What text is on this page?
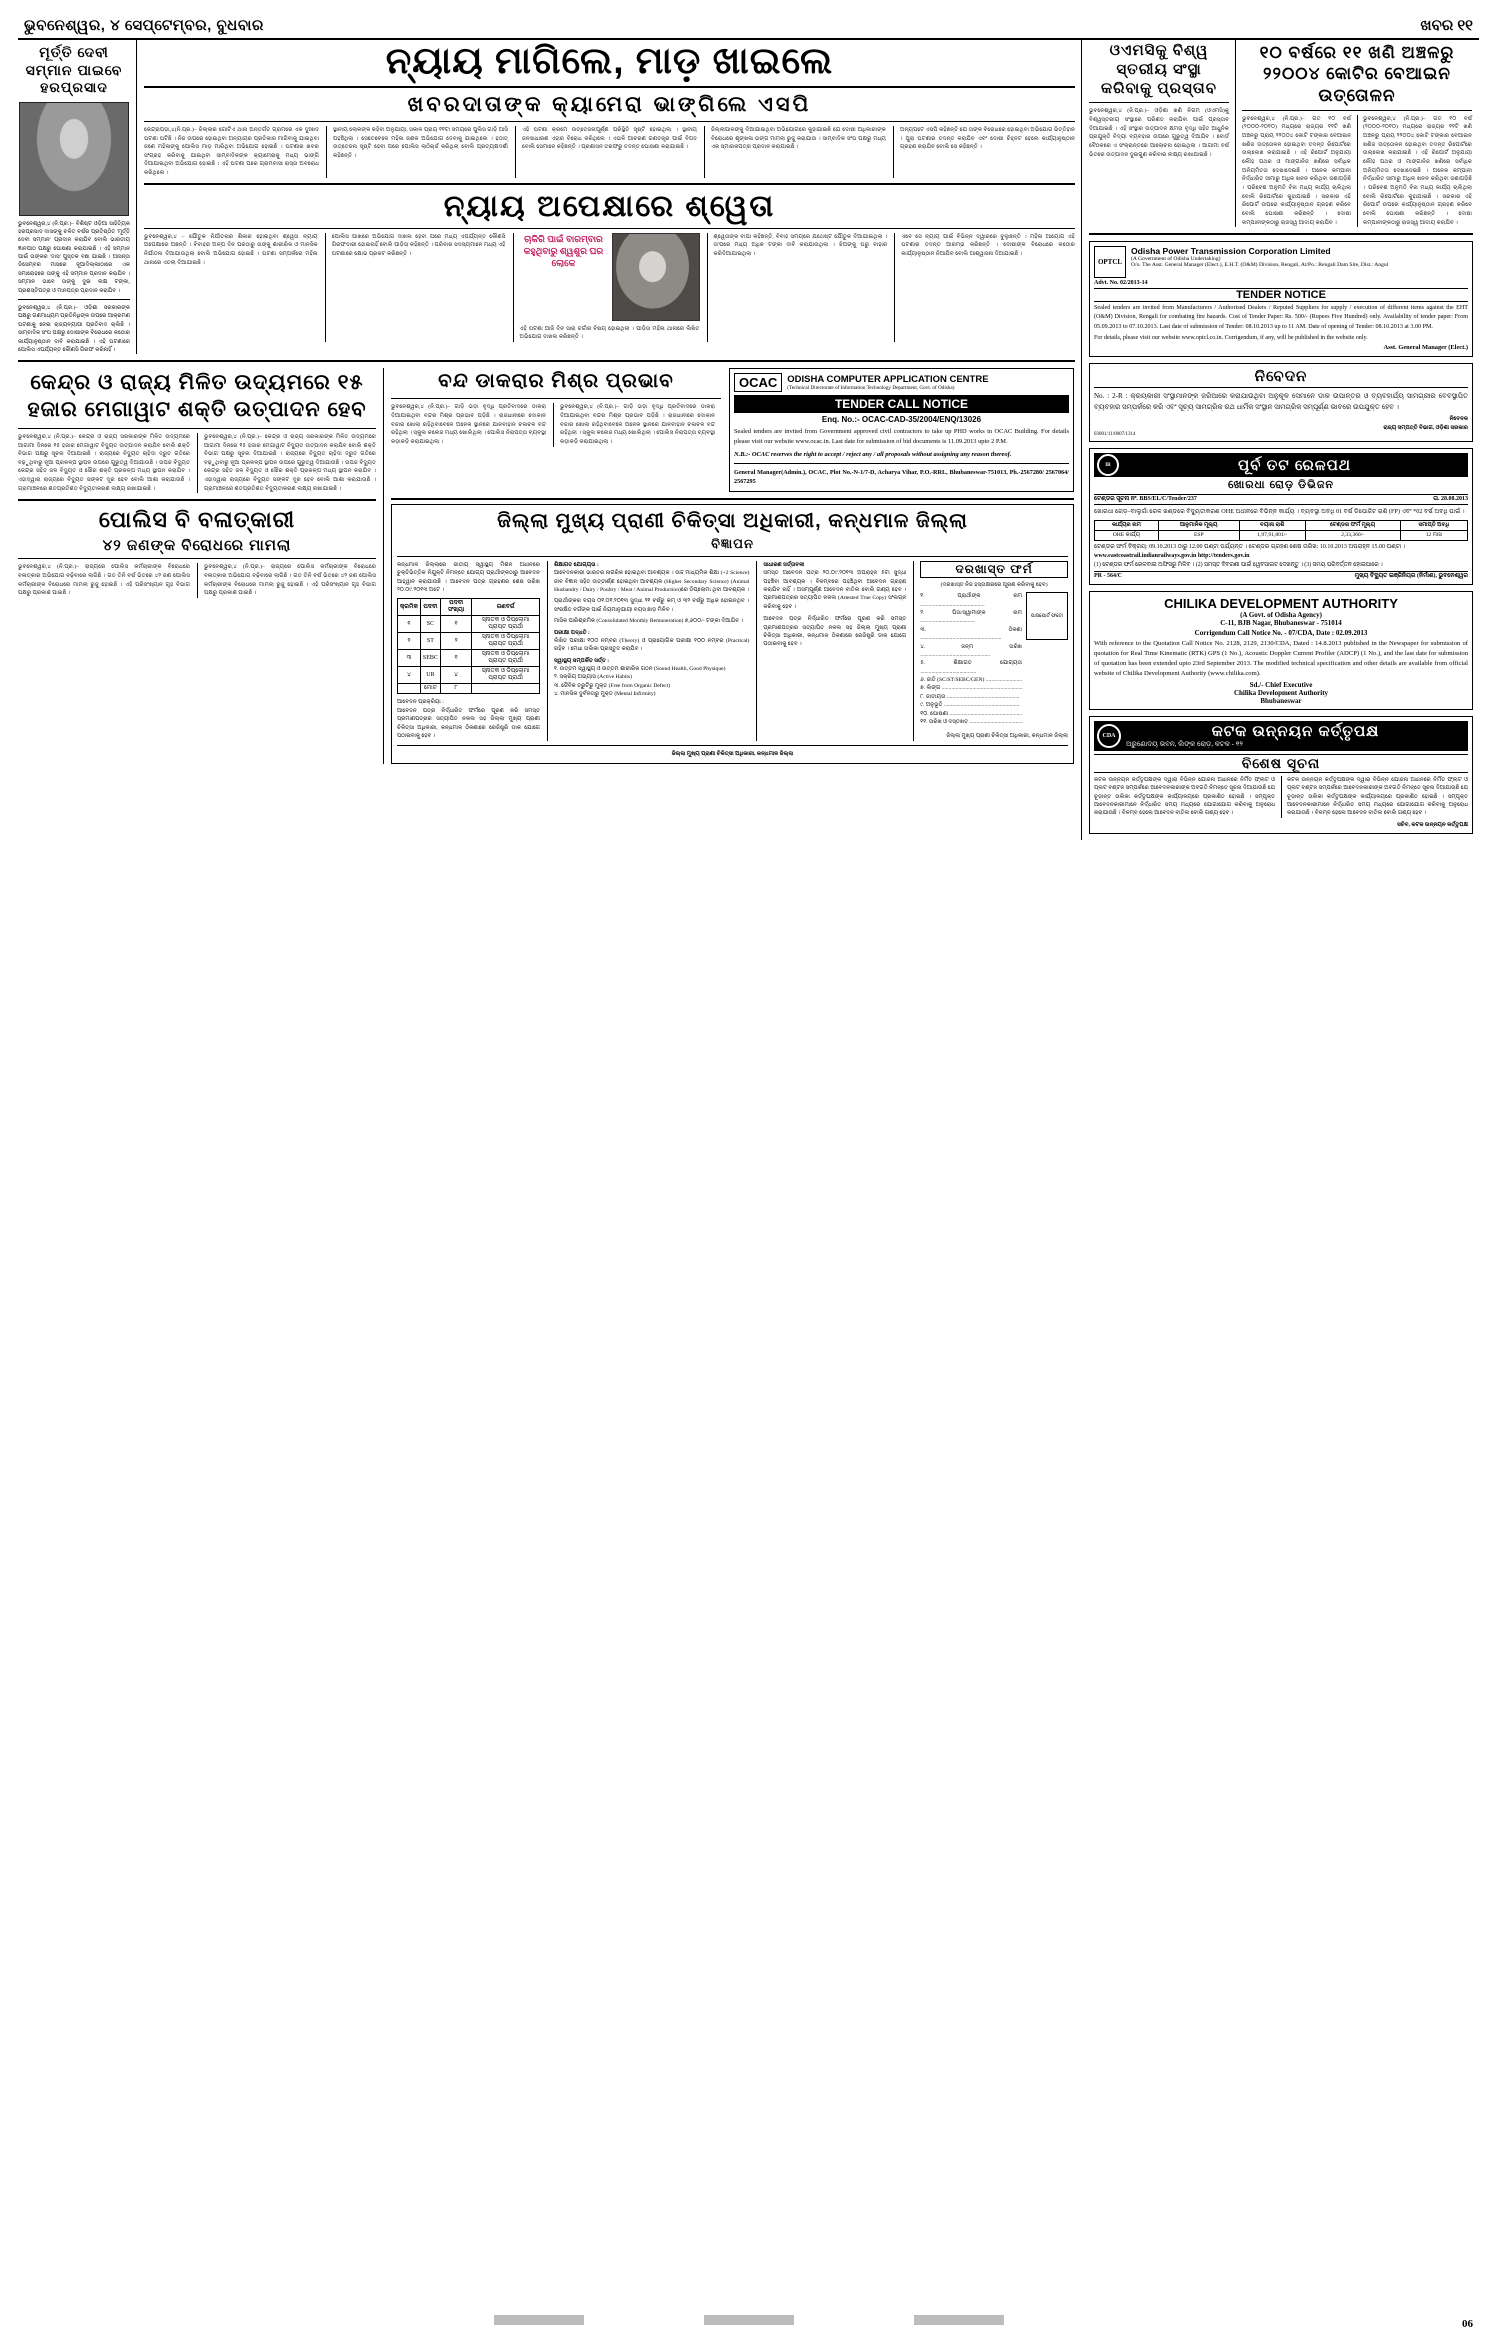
ଭୁବନେଶ୍ୱର, ୪ ସେପ୍ଟେମ୍ବର, ବୁଧବାର	ଖବର ୧୧
ମୂର୍ତ୍ତି ଦେବୀ ସମ୍ମାନ ପାଇବେ ହରପ୍ରସାଦ
ଭୁବନେଶ୍ୱର,୪ (ନି.ପ୍ର.)– ବିଶିଷ୍ଟ ଓଡ଼ିଆ ସାହିତ୍ୟିକ ହରପ୍ରସାଦ ଦାସଙ୍କୁ ଚଳିତ ବର୍ଷର ପ୍ରତିଷ୍ଠିତ 'ମୂର୍ତ୍ତି ଦେବୀ ସମ୍ମାନ' ପ୍ରଦାନ କରାଯିବ ବୋଲି ଭାରତୀୟ ଜ୍ଞାନପୀଠ ପକ୍ଷରୁ ଘୋଷଣା କରାଯାଇଛି । ଏହି ସମ୍ମାନ ପାଇଁ ତାଙ୍କର 'ଦାସ' ପୁସ୍ତକ ବଛା ଯାଇଛି । ଆସନ୍ତା ଡିସେମ୍ବର ମାସରେ ନୂଆଦିଲ୍ଲୀଠାରେ ଏକ ସମାରୋହରେ ତାଙ୍କୁ ଏହି ସମ୍ମାନ ପ୍ରଦାନ କରାଯିବ । ସମ୍ମାନ ଭାବେ ତାଙ୍କୁ ଦୁଇ ଲକ୍ଷ ଟଙ୍କା, ପ୍ରଶସ୍ତିପତ୍ର ଓ ମାନପତ୍ର ପ୍ରଦାନ କରାଯିବ ।
ଭୁବନେଶ୍ୱର,୪ (ନି.ପ୍ର.)– ଓଡ଼ିଶା ସରକାରଙ୍କ ପକ୍ଷରୁ ଗଣମାଧ୍ୟମ ପ୍ରତିନିଧିଙ୍କ ଉପରେ ଆକ୍ରମଣ ଘଟଣାକୁ ନେଇ ରାଜ୍ୟବ୍ୟାପୀ ପ୍ରତିବାଦ ଚାଲିଛି । ସାମ୍ବାଦିକ ସଂଘ ପକ୍ଷରୁ ଦୋଷୀଙ୍କ ବିରୋଧରେ କଠୋର କାର୍ଯ୍ୟାନୁଷ୍ଠାନ ଦାବି କରାଯାଇଛି । ଏହି ଘଟଣାରେ ପୋଲିସ ଏପର୍ଯ୍ୟନ୍ତ କୌଣସି ଗିରଫ କରିନାହିଁ ।
ନ୍ୟାୟ ମାଗିଲେ, ମାଡ଼ ଖାଇଲେ
ଖବରଦାତାଙ୍କ କ୍ୟାମେରା ଭାଙ୍ଗିଲେ ଏସପି
କେନ୍ଦ୍ରାପଡ଼ା,୪(ନି.ପ୍ର.)– ଜିଲ୍ଲାର ଗୋଟିଏ ଥାନା ଅନ୍ତର୍ଗତ ଗ୍ରାମରେ ଏକ ଦୁଃଖଦ ଘଟଣା ଘଟିଛି । ନିଜ ଉପରେ ହୋଇଥିବା ଅନ୍ୟାୟର ପ୍ରତିକାର ମାଗିବାକୁ ଯାଇଥିବା ଜଣେ ମହିଳାଙ୍କୁ ପୋଲିସ ମାଡ଼ ମାରିଥିବା ଅଭିଯୋଗ ହୋଇଛି । ଘଟଣାର ଖବର ସଂଗ୍ରହ କରିବାକୁ ଯାଇଥିବା ସାମ୍ବାଦିକଙ୍କ କ୍ୟାମେରାକୁ ମଧ୍ୟ ଭାଙ୍ଗି ଦିଆଯାଇଥିବା ଅଭିଯୋଗ ହୋଇଛି । ଏହି ଘଟଣା ପରେ ଗ୍ରାମବାସୀ ରାସ୍ତା ଅବରୋଧ କରିଥିଲେ ।
ସ୍ଥାନୀୟ ଲୋକଙ୍କ କହିବା ଅନୁଯାୟୀ, ସକାଳ ପ୍ରାୟ ୧୧ଟା ସମୟରେ ପୁଲିସ ଗାଡ଼ି ଆସି ପହଞ୍ଚିଥିଲା । ସେତେବେଳେ ମହିଳା ଜଣକ ଅଭିଯୋଗ ଦେବାକୁ ଯାଇଥିଲେ । ହଠାତ୍ ଉତ୍ତେଜନା ସୃଷ୍ଟି ହେବା ପରେ ପୋଲିସ ଲାଠିଚାର୍ଜ କରିଥିଲା ବୋଲି ପ୍ରତ୍ୟକ୍ଷଦର୍ଶୀ କହିଛନ୍ତି ।
ଏହି ଘଟଣା କ୍ରମେ ଉତ୍ତେଜନାପୂର୍ଣ୍ଣ ପରିସ୍ଥିତି ସୃଷ୍ଟି ହୋଇଥିଲା । ସ୍ଥାନୀୟ ଜନସାଧାରଣ ଏହାର ବିରୋଧ କରିଥିଲେ । ଏଭଳି ଆଚରଣ ଗଣତନ୍ତ୍ର ପାଇଁ ବିପଦ ବୋଲି ସେମାନେ କହିଛନ୍ତି । ପ୍ରଶାସନ ତରଫରୁ ତଦନ୍ତ ଘୋଷଣା କରାଯାଇଛି ।
ଜିଲ୍ଲାପାଳଙ୍କୁ ଦିଆଯାଇଥିବା ଅଭିଯୋଗରେ କୁହାଯାଇଛି ଯେ ଦୋଷୀ ଅଧିକାରୀଙ୍କ ବିରୋଧରେ ଶୃଙ୍ଖଳା ଭଙ୍ଗ ମାମଲା ରୁଜୁ କରାଯାଉ । ସାମ୍ବାଦିକ ସଂଘ ପକ୍ଷରୁ ମଧ୍ୟ ଏକ ସ୍ମାରକପତ୍ର ପ୍ରଦାନ କରାଯାଇଛି ।
ଅନ୍ୟପଟେ ଏସପି କହିଛନ୍ତି ଯେ ତାଙ୍କ ବିରୋଧରେ ହୋଇଥିବା ଅଭିଯୋଗ ଭିତ୍ତିହୀନ । ପୁରା ଘଟଣାର ତଦନ୍ତ କରାଯିବ ଏବଂ ଦୋଷୀ ଚିହ୍ନଟ ହେଲେ କାର୍ଯ୍ୟାନୁଷ୍ଠାନ ଗ୍ରହଣ କରାଯିବ ବୋଲି ସେ କହିଛନ୍ତି ।
ନ୍ୟାୟ ଅପେକ୍ଷାରେ ଶ୍ୱେତା
ଭୁବନେଶ୍ୱର,୪ – ଯୌତୁକ ନିର୍ଯାତନାର ଶିକାର ହୋଇଥିବା ଶ୍ୱେତା ନ୍ୟାୟ ଅପେକ୍ଷାରେ ଅଛନ୍ତି । ବିବାହର ଅଳ୍ପ ଦିନ ପରଠାରୁ ତାଙ୍କୁ ଶାରୀରିକ ଓ ମାନସିକ ନିର୍ଯାତନା ଦିଆଯାଉଥିଲା ବୋଲି ଅଭିଯୋଗ ହୋଇଛି । ଘଟଣା ସମ୍ପର୍କରେ ମହିଳା ଥାନାରେ ଏତଲା ଦିଆଯାଇଛି ।
ପୋଲିସ ପାଖରେ ଅଭିଯୋଗ ଦାଖଲ ହେବା ପରେ ମଧ୍ୟ ଏପର୍ଯ୍ୟନ୍ତ କୌଣସି ଗିରଫଦାରୀ ହୋଇନାହିଁ ବୋଲି ପୀଡ଼ିତା କହିଛନ୍ତି । ପରିବାର ସଦସ୍ୟମାନେ ମଧ୍ୟ ଏହି ଘଟଣାରେ କ୍ଷୋଭ ପ୍ରକଟ କରିଛନ୍ତି ।
ଚାକିରି ପାଇଁ ବାରମ୍ବାର କହୁଥିବାରୁ ଶ୍ୱଶୁର ଘର ଲୋକେ
ଏହି ଘଟଣା ଆଜି ଦିନ ସାରା ଚର୍ଚ୍ଚାର ବିଷୟ ହୋଇଥିଲା । ପୀଡ଼ିତା ମହିଳା ଥାନାରେ ଲିଖିତ ଅଭିଯୋଗ ଦାଖଲ କରିଛନ୍ତି ।
ଶ୍ୱେତାଙ୍କ ବାପା କହିଛନ୍ତି, ବିବାହ ସମୟରେ ଯଥେଷ୍ଟ ଯୌତୁକ ଦିଆଯାଇଥିଲା । ତା'ପରେ ମଧ୍ୟ ଅଧିକ ଟଙ୍କା ଦାବି କରାଯାଉଥିଲା । ଝିଅଙ୍କୁ ଘରୁ ବାହାର କରିଦିଆଯାଇଥିଲା ।
ଏବେ ସେ ନ୍ୟାୟ ପାଇଁ ବିଭିନ୍ନ ଦ୍ୱାରରେ ବୁଲୁଛନ୍ତି । ମହିଳା ଆୟୋଗ ଏହି ଘଟଣାର ତଦନ୍ତ ଆରମ୍ଭ କରିଛନ୍ତି । ଦୋଷୀଙ୍କ ବିରୋଧରେ କଠୋର କାର୍ଯ୍ୟାନୁଷ୍ଠାନ ନିଆଯିବ ବୋଲି ଆଶ୍ୱାସନା ଦିଆଯାଇଛି ।
କେନ୍ଦ୍ର ଓ ରାଜ୍ୟ ମିଳିତ ଉଦ୍ୟମରେ ୧୫ ହଜାର ମେଗାୱାଟ ଶକ୍ତି ଉତ୍ପାଦନ ହେବ
ଭୁବନେଶ୍ୱର,୪ (ନି.ପ୍ର.)– କେନ୍ଦ୍ର ଓ ରାଜ୍ୟ ସରକାରଙ୍କ ମିଳିତ ଉଦ୍ୟମରେ ଆଗାମୀ ଦିନରେ ୧୫ ହଜାର ମେଗାୱାଟ ବିଦ୍ୟୁତ ଉତ୍ପାଦନ କରାଯିବ ବୋଲି ଶକ୍ତି ବିଭାଗ ପକ୍ଷରୁ ସୂଚନା ଦିଆଯାଇଛି । ରାଜ୍ୟରେ ବିଦ୍ୟୁତ ଚାହିଦା ଦ୍ରୁତ ଗତିରେ ବଢ଼ୁଥିବାରୁ ନୂଆ ପ୍ରକଳ୍ପ ସ୍ଥାପନ ଉପରେ ଗୁରୁତ୍ୱ ଦିଆଯାଉଛି । ତାପଜ ବିଦ୍ୟୁତ କେନ୍ଦ୍ର ସହିତ ଜଳ ବିଦ୍ୟୁତ ଓ ସୌର ଶକ୍ତି ପ୍ରକଳ୍ପ ମଧ୍ୟ ସ୍ଥାପନ କରାଯିବ । ଏହାଦ୍ୱାରା ରାଜ୍ୟରେ ବିଦ୍ୟୁତ ସଙ୍କଟ ଦୂର ହେବ ବୋଲି ଆଶା କରାଯାଉଛି । ଗ୍ରାମାଞ୍ଚଳରେ ଶତପ୍ରତିଶତ ବିଦ୍ୟୁତୀକରଣ ଲକ୍ଷ୍ୟ ରଖାଯାଇଛି ।
ଭୁବନେଶ୍ୱର,୪ (ନି.ପ୍ର.)– କେନ୍ଦ୍ର ଓ ରାଜ୍ୟ ସରକାରଙ୍କ ମିଳିତ ଉଦ୍ୟମରେ ଆଗାମୀ ଦିନରେ ୧୫ ହଜାର ମେଗାୱାଟ ବିଦ୍ୟୁତ ଉତ୍ପାଦନ କରାଯିବ ବୋଲି ଶକ୍ତି ବିଭାଗ ପକ୍ଷରୁ ସୂଚନା ଦିଆଯାଇଛି । ରାଜ୍ୟରେ ବିଦ୍ୟୁତ ଚାହିଦା ଦ୍ରୁତ ଗତିରେ ବଢ଼ୁଥିବାରୁ ନୂଆ ପ୍ରକଳ୍ପ ସ୍ଥାପନ ଉପରେ ଗୁରୁତ୍ୱ ଦିଆଯାଉଛି । ତାପଜ ବିଦ୍ୟୁତ କେନ୍ଦ୍ର ସହିତ ଜଳ ବିଦ୍ୟୁତ ଓ ସୌର ଶକ୍ତି ପ୍ରକଳ୍ପ ମଧ୍ୟ ସ୍ଥାପନ କରାଯିବ । ଏହାଦ୍ୱାରା ରାଜ୍ୟରେ ବିଦ୍ୟୁତ ସଙ୍କଟ ଦୂର ହେବ ବୋଲି ଆଶା କରାଯାଉଛି । ଗ୍ରାମାଞ୍ଚଳରେ ଶତପ୍ରତିଶତ ବିଦ୍ୟୁତୀକରଣ ଲକ୍ଷ୍ୟ ରଖାଯାଇଛି ।
ପୋଲିସ ବି ବଳାତ୍କାରୀ
୪୨ ଜଣଙ୍କ ବିରୋଧରେ ମାମଲା
ଭୁବନେଶ୍ୱର,୪ (ନି.ପ୍ର.)– ରାଜ୍ୟରେ ପୋଲିସ କର୍ମଚାରୀଙ୍କ ବିରୋଧରେ ବଳାତ୍କାର ଅଭିଯୋଗ ବଢ଼ିବାରେ ଲାଗିଛି । ଗତ ତିନି ବର୍ଷ ଭିତରେ ୪୨ ଜଣ ପୋଲିସ କର୍ମଚାରୀଙ୍କ ବିରୋଧରେ ମାମଲା ରୁଜୁ ହୋଇଛି । ଏହି ପରିସଂଖ୍ୟାନ ଗୃହ ବିଭାଗ ପକ୍ଷରୁ ପ୍ରକାଶ ପାଇଛି ।
ଭୁବନେଶ୍ୱର,୪ (ନି.ପ୍ର.)– ରାଜ୍ୟରେ ପୋଲିସ କର୍ମଚାରୀଙ୍କ ବିରୋଧରେ ବଳାତ୍କାର ଅଭିଯୋଗ ବଢ଼ିବାରେ ଲାଗିଛି । ଗତ ତିନି ବର୍ଷ ଭିତରେ ୪୨ ଜଣ ପୋଲିସ କର୍ମଚାରୀଙ୍କ ବିରୋଧରେ ମାମଲା ରୁଜୁ ହୋଇଛି । ଏହି ପରିସଂଖ୍ୟାନ ଗୃହ ବିଭାଗ ପକ୍ଷରୁ ପ୍ରକାଶ ପାଇଛି ।
ବନ୍ଦ ଡାକରାର ମିଶ୍ର ପ୍ରଭାବ
ଭୁବନେଶ୍ୱର,୪ (ନି.ପ୍ର.)– ଗାଡ଼ି ଭଡ଼ା ବୃଦ୍ଧି ପ୍ରତିବାଦରେ ଡାକରା ଦିଆଯାଇଥିବା ବନ୍ଦର ମିଶ୍ର ପ୍ରଭାବ ପଡ଼ିଛି । ରାଜଧାନୀରେ ଦୋକାନ ବଜାର ଖୋଲା ରହିଥିବାବେଳେ ଅନେକ ସ୍ଥାନରେ ଯାନବାହାନ ଚଳାଚଳ ବନ୍ଦ ରହିଥିଲା । ସ୍କୁଲ କଲେଜ ମଧ୍ୟ ଖୋଲିଥିଲା । ପୋଲିସ ନିରାପତ୍ତା ବ୍ୟବସ୍ଥା କଡ଼ାକଡ଼ି କରାଯାଇଥିଲା ।
ଭୁବନେଶ୍ୱର,୪ (ନି.ପ୍ର.)– ଗାଡ଼ି ଭଡ଼ା ବୃଦ୍ଧି ପ୍ରତିବାଦରେ ଡାକରା ଦିଆଯାଇଥିବା ବନ୍ଦର ମିଶ୍ର ପ୍ରଭାବ ପଡ଼ିଛି । ରାଜଧାନୀରେ ଦୋକାନ ବଜାର ଖୋଲା ରହିଥିବାବେଳେ ଅନେକ ସ୍ଥାନରେ ଯାନବାହାନ ଚଳାଚଳ ବନ୍ଦ ରହିଥିଲା । ସ୍କୁଲ କଲେଜ ମଧ୍ୟ ଖୋଲିଥିଲା । ପୋଲିସ ନିରାପତ୍ତା ବ୍ୟବସ୍ଥା କଡ଼ାକଡ଼ି କରାଯାଇଥିଲା ।
OCAC	ODISHA COMPUTER APPLICATION CENTRE
(Technical Directorate of Information Technology Department, Govt. of Odisha)
TENDER CALL NOTICE
Enq. No.:- OCAC-CAD-35/2004/ENQ/13026
Sealed tenders are invited from Government approved civil contractors to take up PHD works in OCAC Building. For details please visit our website www.ocac.in. Last date for submission of bid documents is 11.09.2013 upto 2 P.M.
N.B.:- OCAC reserves the right to accept / reject any / all proposals without assigning any reason thereof.
General Manager(Admin.), OCAC, Plot No.-N-1/7-D, Acharya Vihar, P.O.-RRL, Bhubaneswar-751013, Ph.-2567280/ 2567064/ 2567295
ଜିଲ୍ଲା ମୁଖ୍ୟ ପ୍ରାଣୀ ଚିକିତ୍ସା ଅଧିକାରୀ, କନ୍ଧମାଳ ଜିଲ୍ଲା
ବିଜ୍ଞାପନ
କନ୍ଧମାଳ ଜିଲ୍ଲାରେ ଜାତୀୟ ସ୍ୱାସ୍ଥ୍ୟ ମିଶନ ଅଧୀନରେ ଚୁକ୍ତିଭିତ୍ତିକ ନିଯୁକ୍ତି ନିମନ୍ତେ ଯୋଗ୍ୟ ପ୍ରାର୍ଥୀଙ୍କଠାରୁ ଆବେଦନ ଆହ୍ୱାନ କରାଯାଉଛି । ଆବେଦନ ପତ୍ର ଗ୍ରହଣର ଶେଷ ତାରିଖ ୨୦.୦୯.୨୦୧୩ ଅଟେ ।
କ୍ରମିକ	ପଦବୀ	ପଦବୀ ସଂଖ୍ୟା	ଗଣବର୍ଗ
୧	SC	୧	ସ୍ନାତକ ଓ ଡିପ୍ଲୋମା ପ୍ରାପ୍ତ ପ୍ରାର୍ଥୀ
୨	ST	୨	ସ୍ନାତକ ଓ ଡିପ୍ଲୋମା ପ୍ରାପ୍ତ ପ୍ରାର୍ଥୀ
୩	SEBC	୧	ସ୍ନାତକ ଓ ଡିପ୍ଲୋମା ପ୍ରାପ୍ତ ପ୍ରାର୍ଥୀ
୪	UR	୪	ସ୍ନାତକ ଓ ଡିପ୍ଲୋମା ପ୍ରାପ୍ତ ପ୍ରାର୍ଥୀ
	ମୋଟ	୮	
ଆବେଦନ ପ୍ରକ୍ରିୟା :
ଆବେଦନ ପତ୍ର ନିର୍ଦ୍ଧାରିତ ଫର୍ମରେ ପୂରଣ କରି ସମସ୍ତ ପ୍ରମାଣପତ୍ରର ସତ୍ୟାପିତ ନକଲ ସହ ଜିଲ୍ଲା ମୁଖ୍ୟ ପ୍ରାଣୀ ଚିକିତ୍ସା ଅଧିକାରୀ, କନ୍ଧମାଳ ଠିକଣାରେ ରେଜିଷ୍ଟ୍ରି ଡାକ ଯୋଗେ ପଠାଇବାକୁ ହେବ ।
ଶିକ୍ଷାଗତ ଯୋଗ୍ୟତା :
ଆବେଦନକାରୀ ଭାରତର ନାଗରିକ ହୋଇଥିବା ଆବଶ୍ୟକ । ଉଚ୍ଚ ମାଧ୍ୟମିକ ଶିକ୍ଷା (+2 Science) ଜୀବ ବିଜ୍ଞାନ ସହିତ ଉତ୍ତୀର୍ଣ୍ଣ ହୋଇଥିବା ଆବଶ୍ୟକ (Higher Secondary Science) (Animal Husbandry / Dairy / Poultry / Meat / Animal Production)ରେ ଡିପ୍ଲୋମା ଥିବା ଆବଶ୍ୟକ ।
ପ୍ରାର୍ଥୀଙ୍କର ବୟସ ୦୧.୦୧.୨୦୧୩ ସୁଦ୍ଧା ୨୧ ବର୍ଷରୁ କମ୍ ଓ ୩୨ ବର୍ଷରୁ ଅଧିକ ହୋଇନଥିବ । ସଂରକ୍ଷିତ ବର୍ଗଙ୍କ ପାଇଁ ନିୟମାନୁଯାୟୀ ବୟସ ଛାଡ଼ ମିଳିବ ।
ମାସିକ ପାରିଶ୍ରମିକ (Consolidated Monthly Remuneration) ୭,୬୦୦/- ଟଙ୍କା ଦିଆଯିବ ।
ପରୀକ୍ଷା ପଦ୍ଧତି :
ଲିଖିତ ପରୀକ୍ଷା ୧୦୦ ନମ୍ବର (Theory) ଓ ପ୍ରାୟୋଗିକ ପରୀକ୍ଷା ୧୦୦ ନମ୍ବର (Practical) ରହିବ । ମେଧା ତାଲିକା ପ୍ରସ୍ତୁତ କରାଯିବ ।
ସ୍ୱାସ୍ଥ୍ୟ ସମ୍ପର୍କିତ ସର୍ତ୍ତ :
୧. ଉତ୍ତମ ସ୍ୱାସ୍ଥ୍ୟ ଓ ଉତ୍ତମ ଶାରୀରିକ ଗଠନ (Sound Health, Good Physique)
୨. ସକ୍ରିୟ ଅଭ୍ୟାସ (Active Habits)
୩. ଜୈବିକ ତ୍ରୁଟିରୁ ମୁକ୍ତ (Free from Organic Defect)
୪. ମାନସିକ ଦୁର୍ବଳତାରୁ ମୁକ୍ତ (Mental Infirmity)
ସାଧାରଣ ସର୍ତ୍ତାବଳୀ
ସମସ୍ତ ଆବେଦନ ପତ୍ର ୨୦.୦୯.୨୦୧୩ ଅପରାହ୍ନ ୫ଟା ସୁଦ୍ଧା ପହଞ୍ଚିବା ଆବଶ୍ୟକ । ବିଳମ୍ବରେ ପହଞ୍ଚିଥିବା ଆବେଦନ ଗ୍ରହଣ କରାଯିବ ନାହିଁ । ଅସମ୍ପୂର୍ଣ୍ଣ ଆବେଦନ ବାତିଲ ବୋଲି ଗଣ୍ୟ ହେବ । ପ୍ରମାଣପତ୍ରର ସତ୍ୟାପିତ ନକଲ (Attested True Copy) ସଂଲଗ୍ନ କରିବାକୁ ହେବ ।
ଆବେଦନ ପତ୍ର ନିର୍ଦ୍ଧାରିତ ଫର୍ମରେ ପୂରଣ କରି ସମସ୍ତ ପ୍ରମାଣପତ୍ରର ସତ୍ୟାପିତ ନକଲ ସହ ଜିଲ୍ଲା ମୁଖ୍ୟ ପ୍ରାଣୀ ଚିକିତ୍ସା ଅଧିକାରୀ, କନ୍ଧମାଳ ଠିକଣାରେ ରେଜିଷ୍ଟ୍ରି ଡାକ ଯୋଗେ ପଠାଇବାକୁ ହେବ ।
ଦରଖାସ୍ତ ଫର୍ମ
(ଦରଖାସ୍ତ ନିଜ ହସ୍ତାକ୍ଷରରେ ପୂରଣ କରିବାକୁ ହେବ)
୧. ପ୍ରାର୍ଥୀଙ୍କ ନାମ ..............................................
୨. ପିତା/ସ୍ୱାମୀଙ୍କ ନାମ .......................................
୩. ଠିକଣା ..........................................................
୪. ଜନ୍ମ ତାରିଖ ..................................................
୫. ଶିକ୍ଷାଗତ ଯୋଗ୍ୟତା ........................................
ପାସପୋର୍ଟ ଫଟୋ
୬. ଜାତି (SC/ST/SEBC/GEN) ..........................
୭. ଲିଙ୍ଗ ..........................................................
୮. ଜାତୀୟତା ....................................................
୯. ଅନୁଭୂତି ......................................................
୧୦. ଘୋଷଣା ....................................................
୧୧. ତାରିଖ ଓ ଦସ୍ତଖତ ......................................
ଜିଲ୍ଲା ମୁଖ୍ୟ ପ୍ରାଣୀ ଚିକିତ୍ସା ଅଧିକାରୀ, କନ୍ଧମାଳ ଜିଲ୍ଲା
ଜିଲ୍ଲା ମୁଖ୍ୟ ପ୍ରାଣୀ ଚିକିତ୍ସା ଅଧିକାରୀ, କନ୍ଧମାଳ ଜିଲ୍ଲା
ଓଏମସିକୁ ବିଶ୍ୱ ସ୍ତରୀୟ ସଂସ୍ଥା କରିବାକୁ ପ୍ରସ୍ତାବ
ଭୁବନେଶ୍ୱର,୪ (ନି.ପ୍ର.)– ଓଡ଼ିଶା ଖଣି ନିଗମ (ଓଏମସି)କୁ ବିଶ୍ୱସ୍ତରୀୟ ସଂସ୍ଥାରେ ପରିଣତ କରାଯିବା ପାଇଁ ପ୍ରସ୍ତାବ ଦିଆଯାଇଛି । ଏହି ସଂସ୍ଥାର ଉତ୍ପାଦନ କ୍ଷମତା ବୃଦ୍ଧି ସହିତ ଆଧୁନିକ ପ୍ରଯୁକ୍ତି ବିଦ୍ୟା ବ୍ୟବହାର ଉପରେ ଗୁରୁତ୍ୱ ଦିଆଯିବ । ବୋର୍ଡ ବୈଠକରେ ଏ ସଂକ୍ରାନ୍ତରେ ଆଲୋଚନା ହୋଇଥିଲା । ଆଗାମୀ ବର୍ଷ ଭିତରେ ଉତ୍ପାଦନ ଦୁଇଗୁଣ କରିବାର ଲକ୍ଷ୍ୟ ରଖାଯାଇଛି ।
୧୦ ବର୍ଷରେ ୧୧ ଖଣି ଅଞ୍ଚଳରୁ ୨୨୦୦୪ କୋଟିର ବେଆଇନ ଉତ୍ତୋଳନ
ଭୁବନେଶ୍ୱର,୪ (ନି.ପ୍ର.)– ଗତ ୧୦ ବର୍ଷ (୨୦୦୦-୨୦୧୦) ମଧ୍ୟରେ ରାଜ୍ୟର ୧୧ଟି ଖଣି ଅଞ୍ଚଳରୁ ପ୍ରାୟ ୨୨୦୦୪ କୋଟି ଟଙ୍କାର ବେଆଇନ ଖଣିଜ ଉତ୍ତୋଳନ ହୋଇଥିବା ତଦନ୍ତ ରିପୋର୍ଟରେ ଉଲ୍ଲେଖ କରାଯାଇଛି । ଏହି ରିପୋର୍ଟ ଅନୁଯାୟୀ ଲୌହ ପଥର ଓ ମାଙ୍ଗାନିଜ ଖଣିରେ ସର୍ବାଧିକ ଅନିୟମିତତା ଦେଖାଦେଇଛି । ଅନେକ କମ୍ପାନୀ ନିର୍ଦ୍ଧାରିତ ସୀମାରୁ ଅଧିକ ଖନନ କରିଥିବା ଜଣାପଡ଼ିଛି । ପରିବେଶ ଅନୁମତି ବିନା ମଧ୍ୟ କାର୍ଯ୍ୟ ଚାଲିଥିଲା ବୋଲି ରିପୋର୍ଟରେ କୁହାଯାଇଛି । ସରକାର ଏହି ରିପୋର୍ଟ ଉପରେ କାର୍ଯ୍ୟାନୁଷ୍ଠାନ ଗ୍ରହଣ କରିବେ ବୋଲି ଘୋଷଣା କରିଛନ୍ତି । ଦୋଷୀ କମ୍ପାନୀଙ୍କଠାରୁ ରାଜସ୍ୱ ଆଦାୟ କରାଯିବ ।
ଭୁବନେଶ୍ୱର,୪ (ନି.ପ୍ର.)– ଗତ ୧୦ ବର୍ଷ (୨୦୦୦-୨୦୧୦) ମଧ୍ୟରେ ରାଜ୍ୟର ୧୧ଟି ଖଣି ଅଞ୍ଚଳରୁ ପ୍ରାୟ ୨୨୦୦୪ କୋଟି ଟଙ୍କାର ବେଆଇନ ଖଣିଜ ଉତ୍ତୋଳନ ହୋଇଥିବା ତଦନ୍ତ ରିପୋର୍ଟରେ ଉଲ୍ଲେଖ କରାଯାଇଛି । ଏହି ରିପୋର୍ଟ ଅନୁଯାୟୀ ଲୌହ ପଥର ଓ ମାଙ୍ଗାନିଜ ଖଣିରେ ସର୍ବାଧିକ ଅନିୟମିତତା ଦେଖାଦେଇଛି । ଅନେକ କମ୍ପାନୀ ନିର୍ଦ୍ଧାରିତ ସୀମାରୁ ଅଧିକ ଖନନ କରିଥିବା ଜଣାପଡ଼ିଛି । ପରିବେଶ ଅନୁମତି ବିନା ମଧ୍ୟ କାର୍ଯ୍ୟ ଚାଲିଥିଲା ବୋଲି ରିପୋର୍ଟରେ କୁହାଯାଇଛି । ସରକାର ଏହି ରିପୋର୍ଟ ଉପରେ କାର୍ଯ୍ୟାନୁଷ୍ଠାନ ଗ୍ରହଣ କରିବେ ବୋଲି ଘୋଷଣା କରିଛନ୍ତି । ଦୋଷୀ କମ୍ପାନୀଙ୍କଠାରୁ ରାଜସ୍ୱ ଆଦାୟ କରାଯିବ ।
OPTCL
Odisha Power Transmission Corporation Limited
(A Government of Odisha Undertaking)
O/o. The Asst. General Manager (Elect.), E.H.T. (O&M) Division, Rengali, At/Po.: Rengali Dam Site, Dist.: Angul
Advt. No. 02/2013-14
TENDER NOTICE
Sealed tenders are invited from Manufacturers / Authorised Dealers / Reputed Suppliers for supply / execution of different items against the EHT (O&M) Division, Rengali for combating fire hazards. Cost of Tender Paper: Rs. 500/- (Rupees Five Hundred) only. Availability of tender paper: From 05.09.2013 to 07.10.2013. Last date of submission of Tender: 08.10.2013 up to 11 AM. Date of opening of Tender: 08.10.2013 at 3.00 PM.
For details, please visit our website www.optcl.co.in. Corrigendum, if any, will be published in the website only.
Asst. General Manager (Elect.)
ନିବେଦନ
No. : 2-R : କ୍ରୟକାରୀ ସଂସ୍ଥାମାନଙ୍କ ଜରିଆରେ କରାଯାଉଥିବା ଅନୁକୂଳ ସେମାନେ ଡାକ ଉପାନ୍ତର ଓ ବ୍ୟବହାର୍ଯ୍ୟ ସାମଗ୍ରୀର ବେବସ୍ଥାପିତ ବ୍ୟବହାର ସମ୍ପର୍କରେ କରି ଏବଂ ସୂଚ୍ୟ ସାମଗ୍ରିକ ରଥ ଧାର୍ମିକ ସଂସ୍ଥାନ ସାମଗ୍ରିକ ସମ୍ପୂର୍ଣ୍ଣ ଭାବରେ ଉପଯୁକ୍ତ ହେବ ।
ନିବେଦକ
ରାଜ୍ୟ ସମ୍ପତ୍ତି ବିଭାଗ, ଓଡ଼ିଶା ସରକାର
03001/11/0007/1314
IR	ପୂର୍ବ ତଟ ରେଳପଥ
ଖୋରଧା ରୋଡ଼ ଡିଭିଜନ
ଟେଣ୍ଡର ସୂଚନା ନଂ. BBS/EL/C/Tender/237	ତା. 28.08.2013
ଖୋରଧା ରୋଡ଼–ବାଲୁଗାଁ ରେଳ ଖଣ୍ଡରେ ବିଦ୍ୟୁତୀକରଣ OHE ଅଧୀନରେ ବିଭିନ୍ନ କାର୍ଯ୍ୟ । ବ୍ୟବସ୍ଥା ଅବଧି 01 ବର୍ଷ ଡିପୋଜିଟ ରାଶି (FP) ଏବଂ *02 ବର୍ଷ ଅବଧି ପାଇଁ ।
କାର୍ଯ୍ୟର ନାମ	ଆନୁମାନିକ ମୂଲ୍ୟ	ବୟାନା ରାଶି	ଟେଣ୍ଡର ଫର୍ମ ମୂଲ୍ୟ	ସମାପ୍ତି ଅବଧି
OHE କାର୍ଯ୍ୟ	ESP	1,97,91,801/-	2,33,360/-	12 ମାସ
ଟେଣ୍ଡର ଫର୍ମ ବିକ୍ରୟ: 09.10.2013 ଠାରୁ 12.00 ଘଣ୍ଟା ପର୍ଯ୍ୟନ୍ତ । ଟେଣ୍ଡର ଗ୍ରହଣ ଶେଷ ତାରିଖ: 10.10.2013 ଅପରାହ୍ନ 15.00 ଘଣ୍ଟା ।
www.eastcoastrail.indianrailways.gov.in http://tenders.gov.in
(1) ଟେଣ୍ଡର ଫର୍ମ ରେଳବାଇ ଅଫିସରୁ ମିଳିବ । (2) ସମସ୍ତ ବିବରଣୀ ପାଇଁ ୱେବସାଇଟ ଦେଖନ୍ତୁ । (3) ସମୟ ପରିବର୍ତ୍ତନ ହୋଇପାରେ ।
PR - 564/C	ମୁଖ୍ୟ ବିଦ୍ୟୁତ ଇଞ୍ଜିନିୟର (ନିର୍ମାଣ), ଭୁବନେଶ୍ୱର
CHILIKA DEVELOPMENT AUTHORITY
(A Govt. of Odisha Agency)
C-11, BJB Nagar, Bhubaneswar - 751014
Corrigendum Call Notice No. - 07/CDA, Date : 02.09.2013
With reference to the Quotation Call Notice No. 2128, 2129, 2130/CDA, Dated : 14.8.2013 published in the Newspaper for submission of quotation for Real Time Kinematic (RTK) GPS (1 No.), Acoustic Doppler Current Profiler (ADCP) (1 No.), and the last date for submission of quotation has been extended upto 23rd September 2013. The modified technical specification and other details are available from official website of Chilika Development Authority (www.chilika.com).
Sd./- Chief Executive
Chilika Development Authority
Bhubaneswar
CDA	କଟକ ଉନ୍ନୟନ କର୍ତ୍ତୃପକ୍ଷ
ଅରୁଣୋଦୟ ଭବନ, ଲିଙ୍କ ରୋଡ଼, କଟକ - ୧୨
ବିଶେଷ ସୂଚନା
କଟକ ଉନ୍ନୟନ କର୍ତ୍ତୃପକ୍ଷଙ୍କ ଦ୍ୱାରା ବିଭିନ୍ନ ଯୋଜନା ଅଧୀନରେ ନିର୍ମିତ ଫ୍ଲାଟ ଓ ପ୍ଲଟ ବଣ୍ଟନ ସମ୍ପର୍କରେ ଆବେଦନକାରୀଙ୍କ ଅବଗତି ନିମନ୍ତେ ସୂଚନା ଦିଆଯାଉଛି ଯେ ଚୂଡ଼ାନ୍ତ ତାଲିକା କର୍ତ୍ତୃପକ୍ଷଙ୍କ କାର୍ଯ୍ୟାଳୟରେ ପ୍ରକାଶିତ ହୋଇଛି । ସମ୍ପୃକ୍ତ ଆବେଦନକାରୀମାନେ ନିର୍ଦ୍ଧାରିତ ସମୟ ମଧ୍ୟରେ ଯୋଗାଯୋଗ କରିବାକୁ ଅନୁରୋଧ କରାଯାଉଛି । ବିଳମ୍ବ ହେଲେ ଆବେଦନ ବାତିଲ ବୋଲି ଗଣ୍ୟ ହେବ ।
କଟକ ଉନ୍ନୟନ କର୍ତ୍ତୃପକ୍ଷଙ୍କ ଦ୍ୱାରା ବିଭିନ୍ନ ଯୋଜନା ଅଧୀନରେ ନିର୍ମିତ ଫ୍ଲାଟ ଓ ପ୍ଲଟ ବଣ୍ଟନ ସମ୍ପର୍କରେ ଆବେଦନକାରୀଙ୍କ ଅବଗତି ନିମନ୍ତେ ସୂଚନା ଦିଆଯାଉଛି ଯେ ଚୂଡ଼ାନ୍ତ ତାଲିକା କର୍ତ୍ତୃପକ୍ଷଙ୍କ କାର୍ଯ୍ୟାଳୟରେ ପ୍ରକାଶିତ ହୋଇଛି । ସମ୍ପୃକ୍ତ ଆବେଦନକାରୀମାନେ ନିର୍ଦ୍ଧାରିତ ସମୟ ମଧ୍ୟରେ ଯୋଗାଯୋଗ କରିବାକୁ ଅନୁରୋଧ କରାଯାଉଛି । ବିଳମ୍ବ ହେଲେ ଆବେଦନ ବାତିଲ ବୋଲି ଗଣ୍ୟ ହେବ ।
ସଚିବ, କଟକ ଉନ୍ନୟନ କର୍ତ୍ତୃପକ୍ଷ
06
